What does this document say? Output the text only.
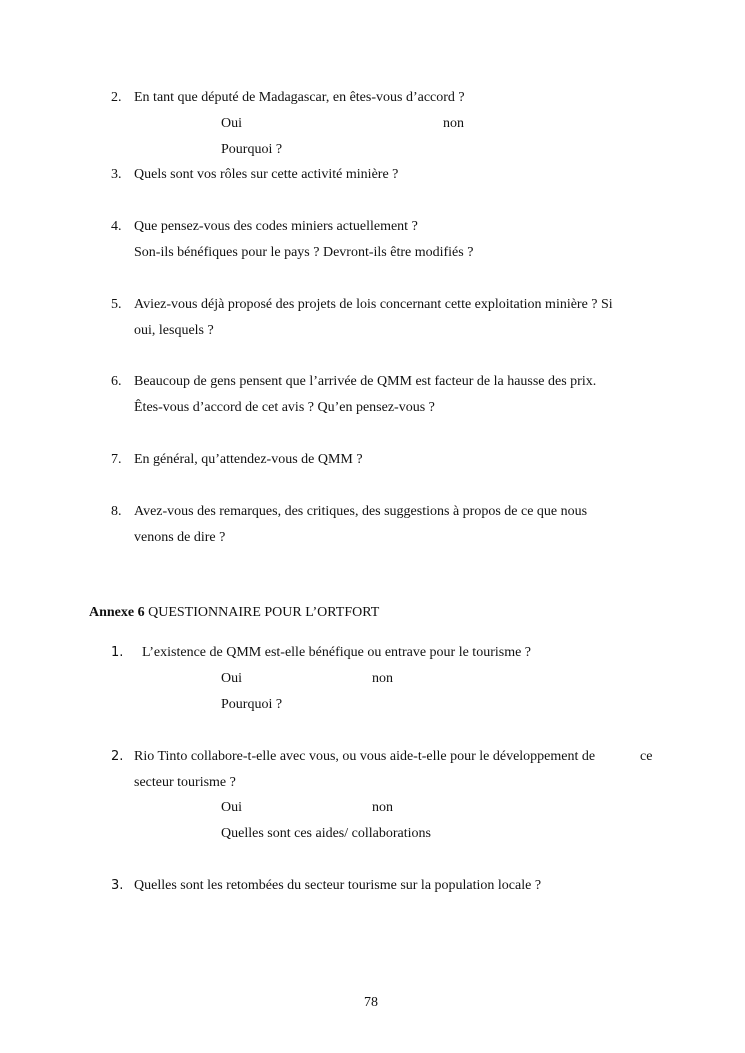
2. En tant que député de Madagascar, en êtes-vous d’accord ?
Oui	non
Pourquoi ?
3. Quels sont vos rôles sur cette activité minière ?
4. Que pensez-vous des codes miniers actuellement ?
Son-ils bénéfiques pour le pays ? Devront-ils être modifiés ?
5. Aviez-vous déjà proposé des projets de lois concernant cette exploitation minière ? Si
oui, lesquels ?
6. Beaucoup de gens pensent que l’arrivée de QMM est facteur de la hausse des prix.
Êtes-vous d’accord de cet avis ? Qu’en pensez-vous ?
7. En général, qu’attendez-vous de QMM ?
8. Avez-vous des remarques, des critiques, des suggestions à propos de ce que nous
venons de dire ?
Annexe 6 QUESTIONNAIRE POUR L’ORTFORT
1. L’existence de QMM est-elle bénéfique ou entrave pour le tourisme ?
Oui	non
Pourquoi ?
2. Rio Tinto collabore-t-elle avec vous, ou vous aide-t-elle pour le développement de	ce
secteur tourisme ?
Oui	non
Quelles sont ces aides/ collaborations
3. Quelles sont les retombées du secteur tourisme sur la population locale ?
78
